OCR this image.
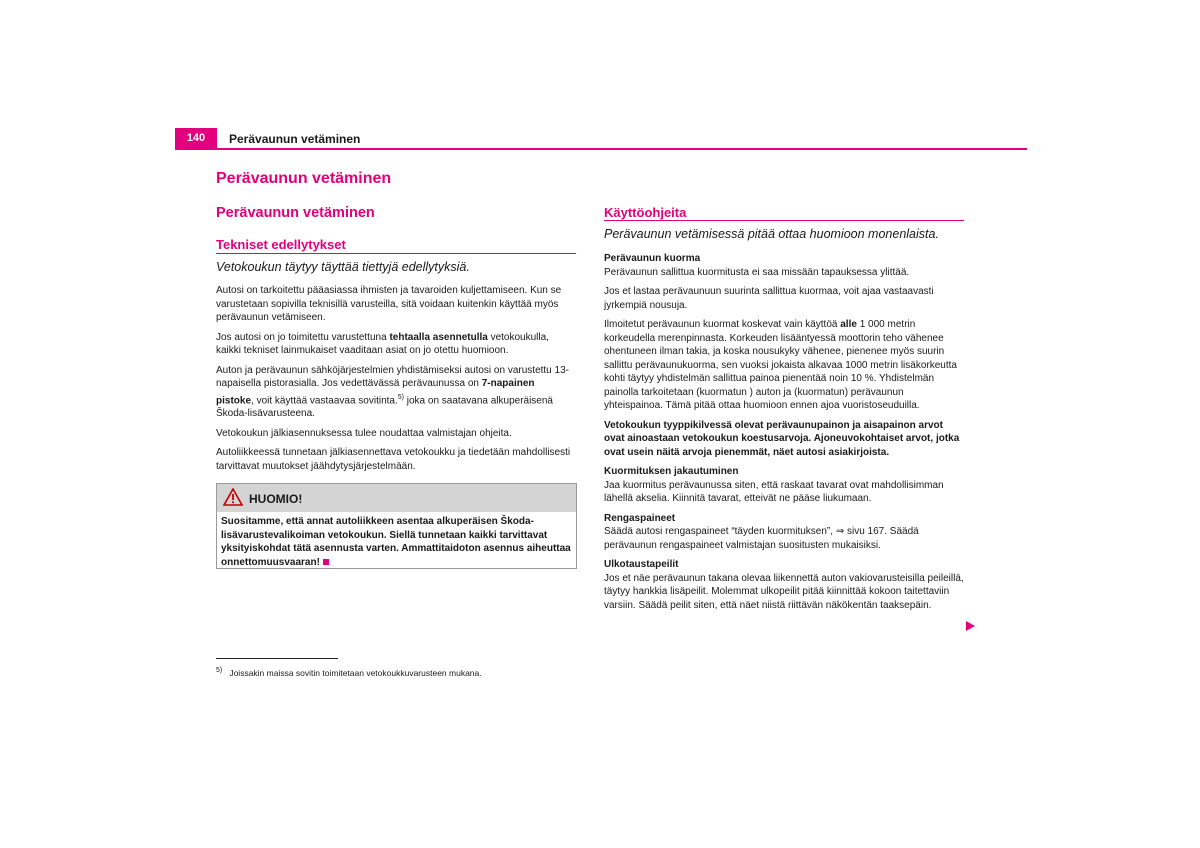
140	Perävaunun vetäminen
Perävaunun vetäminen
Perävaunun vetäminen
Tekniset edellytykset
Vetokoukun täytyy täyttää tiettyjä edellytyksiä.

Autosi on tarkoitettu pääasiassa ihmisten ja tavaroiden kuljettamiseen. Kun se varustetaan sopivilla teknisillä varusteilla, sitä voidaan kuitenkin käyttää myös perävaunun vetämiseen.

Jos autosi on jo toimitettu varustettuna tehtaalla asennetulla vetokoukulla, kaikki tekniset lainmukaiset vaaditaan asiat on jo otettu huomioon.

Auton ja perävaunun sähköjärjestelmien yhdistämiseksi autosi on varustettu 13-napaisella pistorasialla. Jos vedettävässä perävaunussa on 7-napainen pistoke, voit käyttää vastaavaa sovitinta.$^{5)}$ joka on saatavana alkuperäisenä Škoda-lisävarusteena.

Vetokoukun jälkiasennuksessa tulee noudattaa valmistajan ohjeita.

Autoliikkeessä tunnetaan jälkiasennettava vetokoukku ja tiedetään mahdollisesti tarvittavat muutokset jäähdytysjärjestelmään.

HUOMIO!
Suositamme, että annat autoliikkeen asentaa alkuperäisen Škoda-lisävarustevalikoiman vetokoukun. Siellä tunnetaan kaikki tarvittavat yksityiskohdat tätä asennusta varten. Ammattitaidoton asennus aiheuttaa onnettomuusvaaran!
$^{5)}$ Joissakin maissa sovitin toimitetaan vetokoukkuvarusteen mukana.
Käyttöohjeita
Perävaunun vetämisessä pitää ottaa huomioon monenlaista.

Perävaunun kuorma

Perävaunun sallittua kuormitusta ei saa missään tapauksessa ylittää.

Jos et lastaa perävaunuun suurinta sallittua kuormaa, voit ajaa vastaavasti jyrkempiä nousuja.

Ilmoitetut perävaunun kuormat koskevat vain käyttöä alle 1 000 metrin korkeudella merenpinnasta. Korkeuden lisääntyessä moottorin teho vähenee ohentuneen ilman takia, ja koska nousukyky vähenee, pienenee myös suurin sallittu perävaunukuorma, sen vuoksi jokaista alkavaa 1000 metrin lisäkorkeutta kohti täytyy yhdistelmän sallittua painoa pienentää noin 10 %. Yhdistelmän painolla tarkoitetaan (kuormatun ) auton ja (kuormatun) perävaunun yhteispainoa. Tämä pitää ottaa huomioon ennen ajoa vuoristoseuduilla.

Vetokoukun tyyppikilvessä olevat perävaunupainon ja aisapainon arvot ovat ainoastaan vetokoukun koestusarvoja. Ajoneuvokohtaiset arvot, jotka ovat usein näitä arvoja pienemmät, näet autosi asiakirjoista.

Kuormituksen jakautuminen

Jaa kuormitus perävaunussa siten, että raskaat tavarat ovat mahdollisimman lähellä akselia. Kiinnitä tavarat, etteivät ne pääse liukumaan.

Rengaspaineet

Säädä autosi rengaspaineet “täyden kuormituksen”, ⇒ sivu 167. Säädä perävaunun rengaspaineet valmistajan suositusten mukaisiksi.

Ulkotaustapeilit

Jos et näe perävaunun takana olevaa liikennettä auton vakiovarusteisilla peileillä, täytyy hankkia lisäpeilit. Molemmat ulkopeilit pitää kiinnittää kokoon taitettaviin varsiin. Säädä peilit siten, että näet niistä riittävän näkökentän taaksepäin.
